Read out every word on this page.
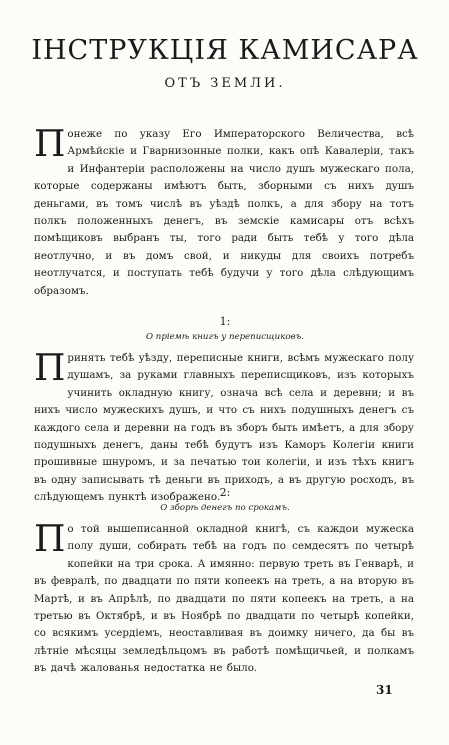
ІНСТРУКЦІЯ КАМИСАРА
ОТЪ ЗЕМЛИ.
Понеже по указу Его Императорского Величества, всѣ Армѣйскіе и Гварнизонные полки, какъ опѣ Кавалеріи, такъ и Инфантеріи расположены на число душъ мужескаго пола, которые содержаны имѣютъ быть, зборными съ нихъ душъ деньгами, въ томъ числѣ въ уѣздѣ полкъ, а для збору на тотъ полкъ положенныхъ денегъ, въ земскіе камисары отъ всѣхъ помѣщиковъ выбранъ ты, того ради быть тебѣ у того дѣла неотлучно, и въ домъ свой, и никуды для своихъ потребъ неотлучатся, и поступать тебѣ будучи у того дѣла слѣдующимъ образомъ.
1:
О пріемѣ книгъ у переписщиковъ.
Принять тебѣ уѣзду, переписные книги, всѣмъ мужескаго полу душамъ, за руками главныхъ переписщиковъ, изъ которыхъ учинить окладную книгу, означа всѣ села и деревни; и въ нихъ число мужескихъ душъ, и что съ нихъ подушныхъ денегъ съ каждого села и деревни на годъ въ зборъ быть имѣетъ, а для збору подушныхъ денегъ, даны тебѣ будутъ изъ Каморъ Колегіи книги прошивные шнуромъ, и за печатью тои колегіи, и изъ тѣхъ книгъ въ одну записывать тѣ деньги въ приходъ, а въ другую росходъ, въ слѣдующемъ пунктѣ изображено. 2:
О зборѣ денегъ по срокамъ.
По той вышеписанной окладной книгѣ, съ каждои мужеска полу души, собирать тебѣ на годъ по семдесятъ по четырѣ копейки на три срока. А имянно: первую треть въ Генварѣ, и въ февралѣ, по двадцати по пяти копеекъ на треть, а на вторую въ Мартѣ, и въ Апрѣлѣ, по двадцати по пяти копеекъ на треть, а на третью въ Октябрѣ, и въ Ноябрѣ по двадцати по четырѣ копейки, со всякимъ усердіемъ, неоставливая въ доимку ничего, да бы въ лѣтніе мѣсяцы земледѣльцомъ въ работѣ помѣщичьей, и полкамъ въ дачѣ жалованья недостатка не было.
31
